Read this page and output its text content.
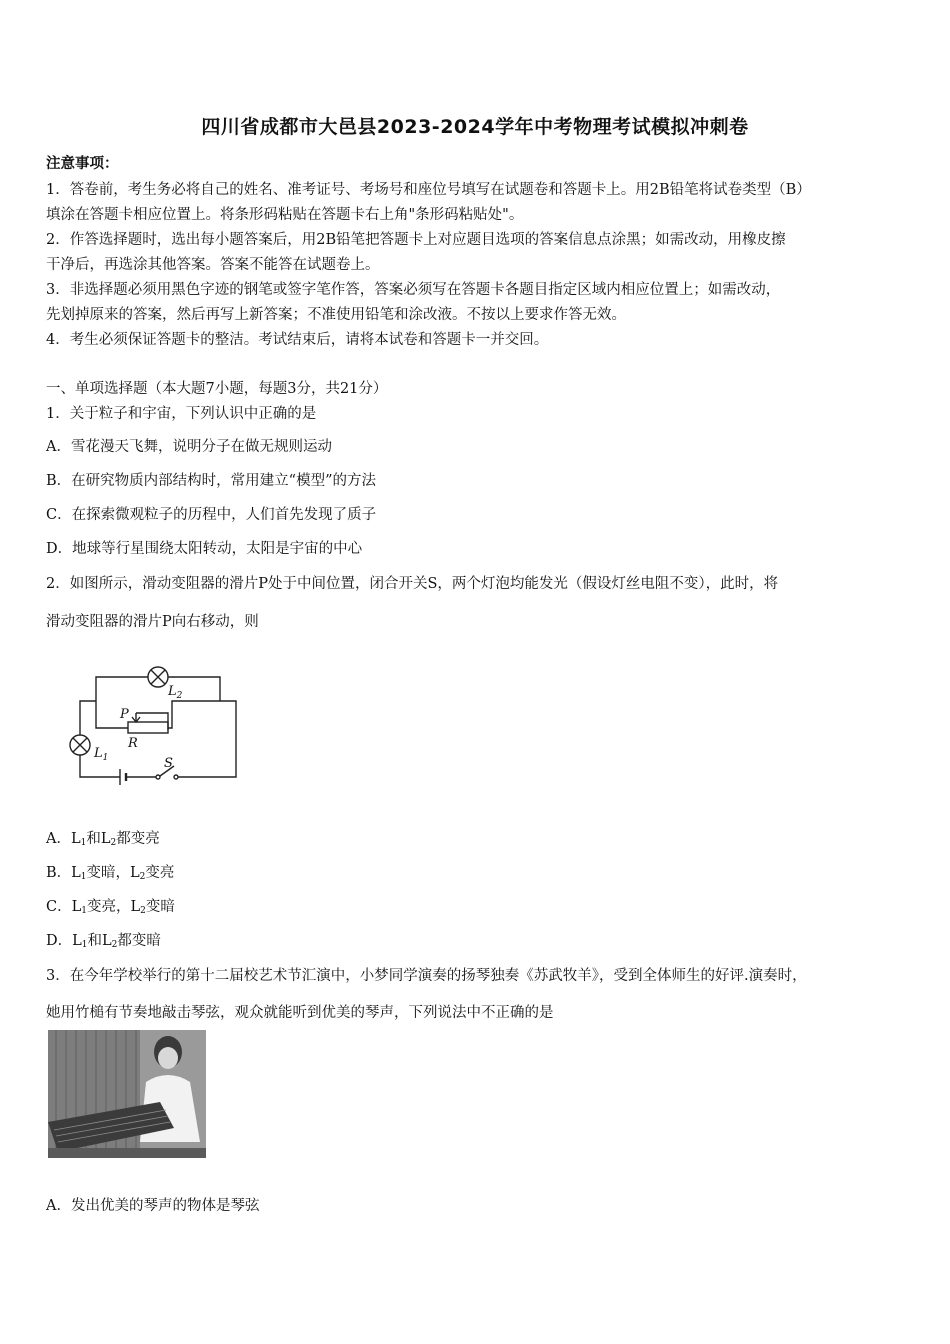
四川省成都市大邑县2023-2024学年中考物理考试模拟冲刺卷
注意事项：
1．答卷前，考生务必将自己的姓名、准考证号、考场号和座位号填写在试题卷和答题卡上。用2B铅笔将试卷类型（B）
填涂在答题卡相应位置上。将条形码粘贴在答题卡右上角"条形码粘贴处"。
2．作答选择题时，选出每小题答案后，用2B铅笔把答题卡上对应题目选项的答案信息点涂黑；如需改动，用橡皮擦
干净后，再选涂其他答案。答案不能答在试题卷上。
3．非选择题必须用黑色字迹的钢笔或签字笔作答，答案必须写在答题卡各题目指定区域内相应位置上；如需改动，
先划掉原来的答案，然后再写上新答案；不准使用铅笔和涂改液。不按以上要求作答无效。
4．考生必须保证答题卡的整洁。考试结束后，请将本试卷和答题卡一并交回。
一、单项选择题（本大题7小题，每题3分，共21分）
1．关于粒子和宇宙，下列认识中正确的是
A．雪花漫天飞舞，说明分子在做无规则运动
B．在研究物质内部结构时，常用建立“模型”的方法
C．在探索微观粒子的历程中，人们首先发现了质子
D．地球等行星围绕太阳转动，太阳是宇宙的中心
2．如图所示，滑动变阻器的滑片P处于中间位置，闭合开关S，两个灯泡均能发光（假设灯丝电阻不变），此时，将
滑动变阻器的滑片P向右移动，则
$L_2$
P
R
$L_1$	S
A．$L_1$和$L_2$都变亮
B．$L_1$变暗，$L_2$变亮
C．$L_1$变亮，$L_2$变暗
D．$L_1$和$L_2$都变暗
3．在今年学校举行的第十二届校艺术节汇演中，小梦同学演奏的扬琴独奏《苏武牧羊》，受到全体师生的好评.演奏时，
她用竹槌有节奏地敲击琴弦，观众就能听到优美的琴声，下列说法中不正确的是
A．发出优美的琴声的物体是琴弦
